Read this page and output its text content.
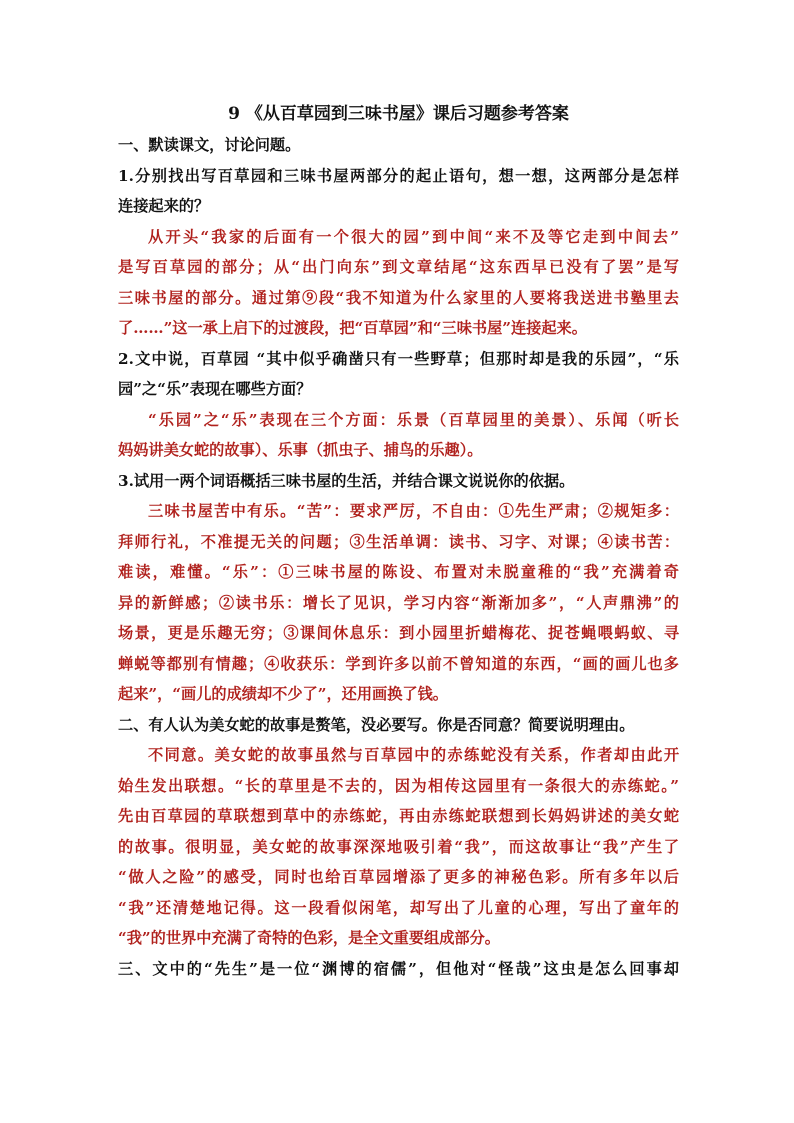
9 《从百草园到三味书屋》课后习题参考答案

一、默读课文，讨论问题。

1.分别找出写百草园和三味书屋两部分的起止语句，想一想，这两部分是怎样

连接起来的？

从开头“我家的后面有一个很大的园”到中间“来不及等它走到中间去”

是写百草园的部分；从“出门向东”到文章结尾“这东西早已没有了罢”是写

三味书屋的部分。通过第⑨段“我不知道为什么家里的人要将我送进书塾里去

了……”这一承上启下的过渡段，把“百草园”和“三味书屋”连接起来。

2.文中说，百草园 “其中似乎确凿只有一些野草；但那时却是我的乐园”，“乐

园”之“乐”表现在哪些方面？

“乐园”之“乐”表现在三个方面：乐景（百草园里的美景）、乐闻（听长

妈妈讲美女蛇的故事）、乐事（抓虫子、捕鸟的乐趣）。

3.试用一两个词语概括三味书屋的生活，并结合课文说说你的依据。

三味书屋苦中有乐。“苦”：要求严厉，不自由：①先生严肃；②规矩多：

拜师行礼，不准提无关的问题；③生活单调：读书、习字、对课；④读书苦：

难读，难懂。“乐”：①三味书屋的陈设、布置对未脱童稚的“我”充满着奇

异的新鲜感；②读书乐：增长了见识，学习内容“渐渐加多”，“人声鼎沸”的

场景，更是乐趣无穷；③课间休息乐：到小园里折蜡梅花、捉苍蝇喂蚂蚁、寻

蝉蜕等都别有情趣；④收获乐：学到许多以前不曾知道的东西，“画的画儿也多

起来”，“画儿的成绩却不少了”，还用画换了钱。

二、有人认为美女蛇的故事是赘笔，没必要写。你是否同意？简要说明理由。

不同意。美女蛇的故事虽然与百草园中的赤练蛇没有关系，作者却由此开

始生发出联想。“长的草里是不去的，因为相传这园里有一条很大的赤练蛇。”

先由百草园的草联想到草中的赤练蛇，再由赤练蛇联想到长妈妈讲述的美女蛇

的故事。很明显，美女蛇的故事深深地吸引着“我”，而这故事让“我”产生了

“做人之险”的感受，同时也给百草园增添了更多的神秘色彩。所有多年以后

“我”还清楚地记得。这一段看似闲笔，却写出了儿童的心理，写出了童年的

“我”的世界中充满了奇特的色彩，是全文重要组成部分。

三、文中的“先生”是一位“渊博的宿儒”，但他对“怪哉”这虫是怎么回事却
